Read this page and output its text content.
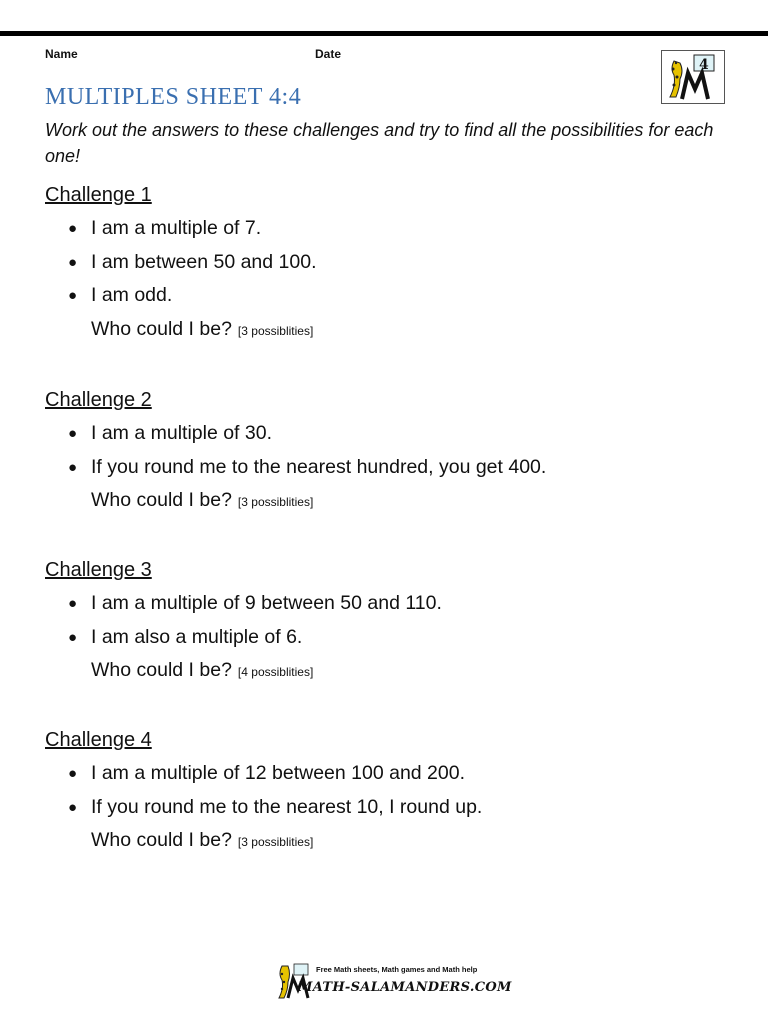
Name	Date
4
MULTIPLES SHEET 4:4

Work out the answers to these challenges and try to find all the possibilities for each one!

Challenge 1
● I am a multiple of 7.
● I am between 50 and 100.
● I am odd.
Who could I be? [3 possiblities]
Challenge 2
● I am a multiple of 30.
● If you round me to the nearest hundred, you get 400.
Who could I be? [3 possiblities]
Challenge 3
● I am a multiple of 9 between 50 and 110.
● I am also a multiple of 6.
Who could I be? [4 possiblities]
Challenge 4
● I am a multiple of 12 between 100 and 200.
● If you round me to the nearest 10, I round up.
Who could I be? [3 possiblities]
Free Math sheets, Math games and Math help
MATH-SALAMANDERS.COM
